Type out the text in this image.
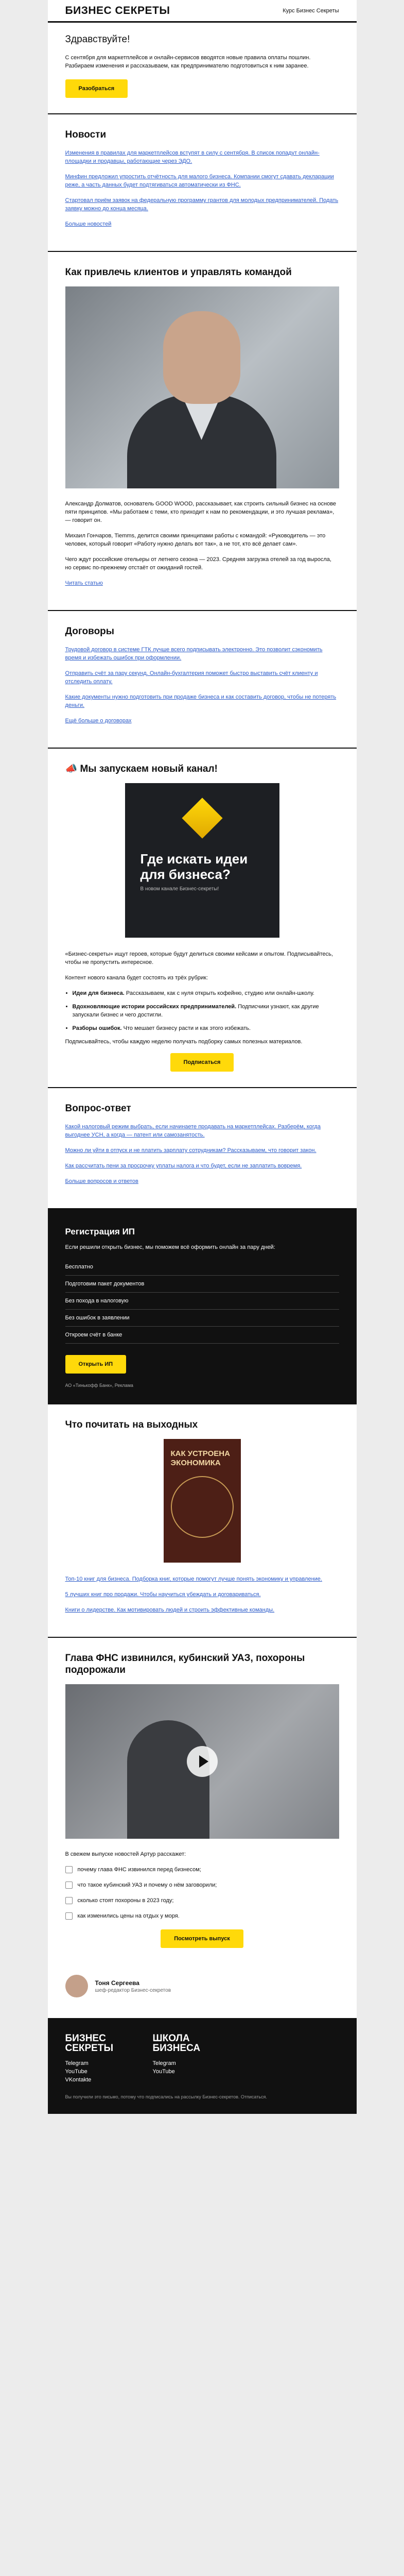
БИЗНЕС СЕКРЕТЫ	Курс Бизнес Секреты
Здравствуйте!

С сентября для маркетплейсов и онлайн-сервисов вводятся новые правила оплаты пошлин. Разбираем изменения и рассказываем, как предпринимателю подготовиться к ним заранее.

Разобраться
Новости

Изменения в правилах для маркетплейсов вступят в силу с сентября. В список попадут онлайн-площадки и продавцы, работающие через ЭДО.

Минфин предложил упростить отчётность для малого бизнеса. Компании смогут сдавать декларации реже, а часть данных будет подтягиваться автоматически из ФНС.

Стартовал приём заявок на федеральную программу грантов для молодых предпринимателей. Подать заявку можно до конца месяца.

Больше новостей

Как привлечь клиентов и управлять командой

Александр Долматов, основатель GOOD WOOD, рассказывает, как строить сильный бизнес на основе пяти принципов. «Мы работаем с теми, кто приходит к нам по рекомендации, и это лучшая реклама», — говорит он.

Михаил Гончаров, Tiemms, делится своими принципами работы с командой: «Руководитель — это человек, который говорит «Работу нужно делать вот так», а не тот, кто всё делает сам».

Чего ждут российские отельеры от летнего сезона — 2023. Средняя загрузка отелей за год выросла, но сервис по-прежнему отстаёт от ожиданий гостей.

Читать статью

Договоры

Трудовой договор в системе ГТК лучше всего подписывать электронно. Это позволит сэкономить время и избежать ошибок при оформлении.

Отправить счёт за пару секунд. Онлайн-бухгалтерия поможет быстро выставить счёт клиенту и отследить оплату.

Какие документы нужно подготовить при продаже бизнеса и как составить договор, чтобы не потерять деньги.

Ещё больше о договорах

📣 Мы запускаем новый канал!
Где искать идеи для бизнеса?
В новом канале Бизнес-секреты!

«Бизнес-секреты» ищут героев, которые будут делиться своими кейсами и опытом. Подписывайтесь, чтобы не пропустить интересное.

Контент нового канала будет состоять из трёх рубрик:

• Идеи для бизнеса. Рассказываем, как с нуля открыть кофейню, студию или онлайн-школу.
• Вдохновляющие истории российских предпринимателей. Подписчики узнают, как другие запускали бизнес и чего достигли.
• Разборы ошибок. Что мешает бизнесу расти и как этого избежать.

Подписывайтесь, чтобы каждую неделю получать подборку самых полезных материалов.

Подписаться
Вопрос-ответ

Какой налоговый режим выбрать, если начинаете продавать на маркетплейсах. Разберём, когда выгоднее УСН, а когда — патент или самозанятость.

Можно ли уйти в отпуск и не платить зарплату сотрудникам? Рассказываем, что говорит закон.

Как рассчитать пени за просрочку уплаты налога и что будет, если не заплатить вовремя.

Больше вопросов и ответов

Регистрация ИП

Если решили открыть бизнес, мы поможем всё оформить онлайн за пару дней:

Бесплатно
Подготовим пакет документов
Без похода в налоговую
Без ошибок в заявлении
Откроем счёт в банке
Открыть ИП
АО «Тинькофф Банк», Реклама
Что почитать на выходных
КАК УСТРОЕНА ЭКОНОМИКА

Топ-10 книг для бизнеса. Подборка книг, которые помогут лучше понять экономику и управление.

5 лучших книг про продажи. Чтобы научиться убеждать и договариваться.

Книги о лидерстве. Как мотивировать людей и строить эффективные команды.

Глава ФНС извинился, кубинский УАЗ, похороны подорожали

В свежем выпуске новостей Артур расскажет:

почему глава ФНС извинился перед бизнесом;
что такое кубинский УАЗ и почему о нём заговорили;
сколько стоят похороны в 2023 году;
как изменились цены на отдых у моря.
Посмотреть выпуск
Тоня Сергеева
шеф-редактор Бизнес-секретов
БИЗНЕС СЕКРЕТЫ
Telegram
YouTube
VKontakte
ШКОЛА БИЗНЕСА
Telegram
YouTube
Вы получили это письмо, потому что подписались на рассылку Бизнес-секретов. Отписаться.
